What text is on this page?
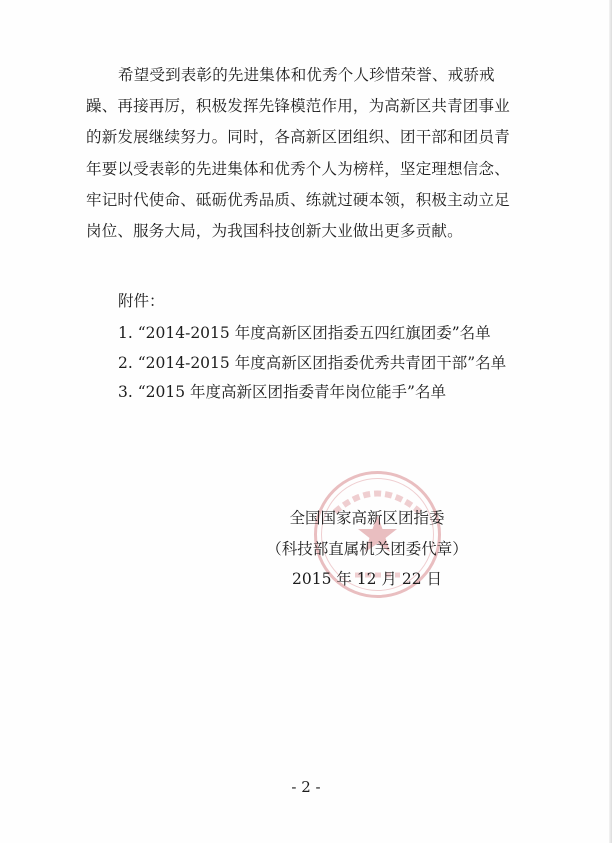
希望受到表彰的先进集体和优秀个人珍惜荣誉、戒骄戒
躁、再接再厉，积极发挥先锋模范作用，为高新区共青团事业
的新发展继续努力。同时，各高新区团组织、团干部和团员青
年要以受表彰的先进集体和优秀个人为榜样，坚定理想信念、
牢记时代使命、砥砺优秀品质、练就过硬本领，积极主动立足
岗位、服务大局，为我国科技创新大业做出更多贡献。
附件：
1. “2014-2015 年度高新区团指委五四红旗团委”名单
2. “2014-2015 年度高新区团指委优秀共青团干部”名单
3. “2015 年度高新区团指委青年岗位能手”名单
全国国家高新区团指委
（科技部直属机关团委代章）
2015 年 12 月 22 日
- 2 -
